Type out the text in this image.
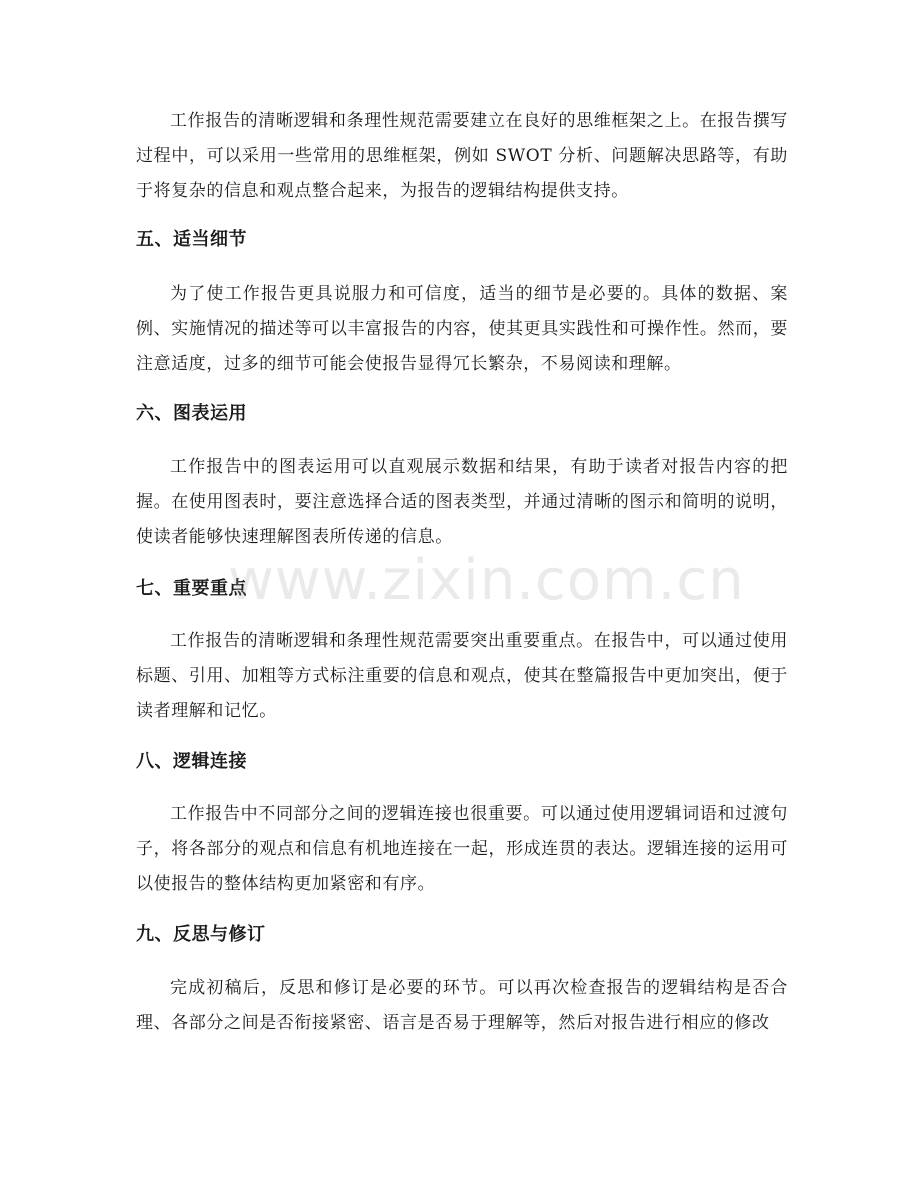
工作报告的清晰逻辑和条理性规范需要建立在良好的思维框架之上。在报告撰写过程中，可以采用一些常用的思维框架，例如 SWOT 分析、问题解决思路等，有助于将复杂的信息和观点整合起来，为报告的逻辑结构提供支持。

五、适当细节

为了使工作报告更具说服力和可信度，适当的细节是必要的。具体的数据、案例、实施情况的描述等可以丰富报告的内容，使其更具实践性和可操作性。然而，要注意适度，过多的细节可能会使报告显得冗长繁杂，不易阅读和理解。

六、图表运用

工作报告中的图表运用可以直观展示数据和结果，有助于读者对报告内容的把握。在使用图表时，要注意选择合适的图表类型，并通过清晰的图示和简明的说明，使读者能够快速理解图表所传递的信息。

七、重要重点

工作报告的清晰逻辑和条理性规范需要突出重要重点。在报告中，可以通过使用标题、引用、加粗等方式标注重要的信息和观点，使其在整篇报告中更加突出，便于读者理解和记忆。

八、逻辑连接

工作报告中不同部分之间的逻辑连接也很重要。可以通过使用逻辑词语和过渡句子，将各部分的观点和信息有机地连接在一起，形成连贯的表达。逻辑连接的运用可以使报告的整体结构更加紧密和有序。

九、反思与修订

完成初稿后，反思和修订是必要的环节。可以再次检查报告的逻辑结构是否合理、各部分之间是否衔接紧密、语言是否易于理解等，然后对报告进行相应的修改

www.zixin.com.cn
